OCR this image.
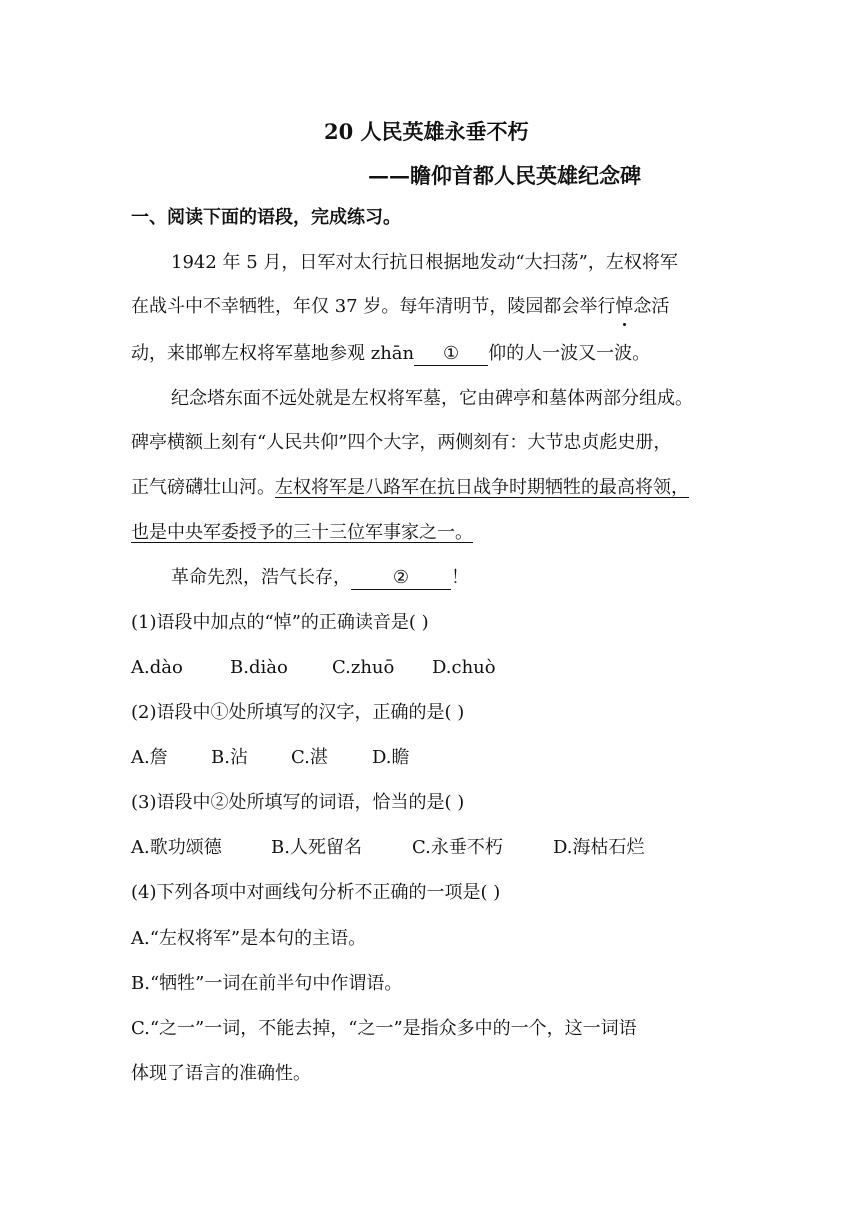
20 人民英雄永垂不朽
——瞻仰首都人民英雄纪念碑
一、阅读下面的语段，完成练习。
1942 年 5 月，日军对太行抗日根据地发动“大扫荡”，左权将军
在战斗中不幸牺牲，年仅 37 岁。每年清明节，陵园都会举行悼念活
动，来邯郸左权将军墓地参观 zhān ① 仰的人一波又一波。
纪念塔东面不远处就是左权将军墓，它由碑亭和墓体两部分组成。
碑亭横额上刻有“人民共仰”四个大字，两侧刻有：大节忠贞彪史册，
正气磅礴壮山河。左权将军是八路军在抗日战争时期牺牲的最高将领，
也是中央军委授予的三十三位军事家之一。
革命先烈，浩气长存， ② ！
(1)语段中加点的“悼”的正确读音是( )
A.dào	B.diào C.zhuō D.chuò
(2)语段中①处所填写的汉字，正确的是( )
A.詹 B.沾 C.湛 D.瞻
(3)语段中②处所填写的词语，恰当的是( )
A.歌功颂德	B.人死留名	C.永垂不朽	D.海枯石烂
(4)下列各项中对画线句分析不正确的一项是( )
A.“左权将军”是本句的主语。
B.“牺牲”一词在前半句中作谓语。
C.“之一”一词，不能去掉，“之一”是指众多中的一个，这一词语
体现了语言的准确性。
